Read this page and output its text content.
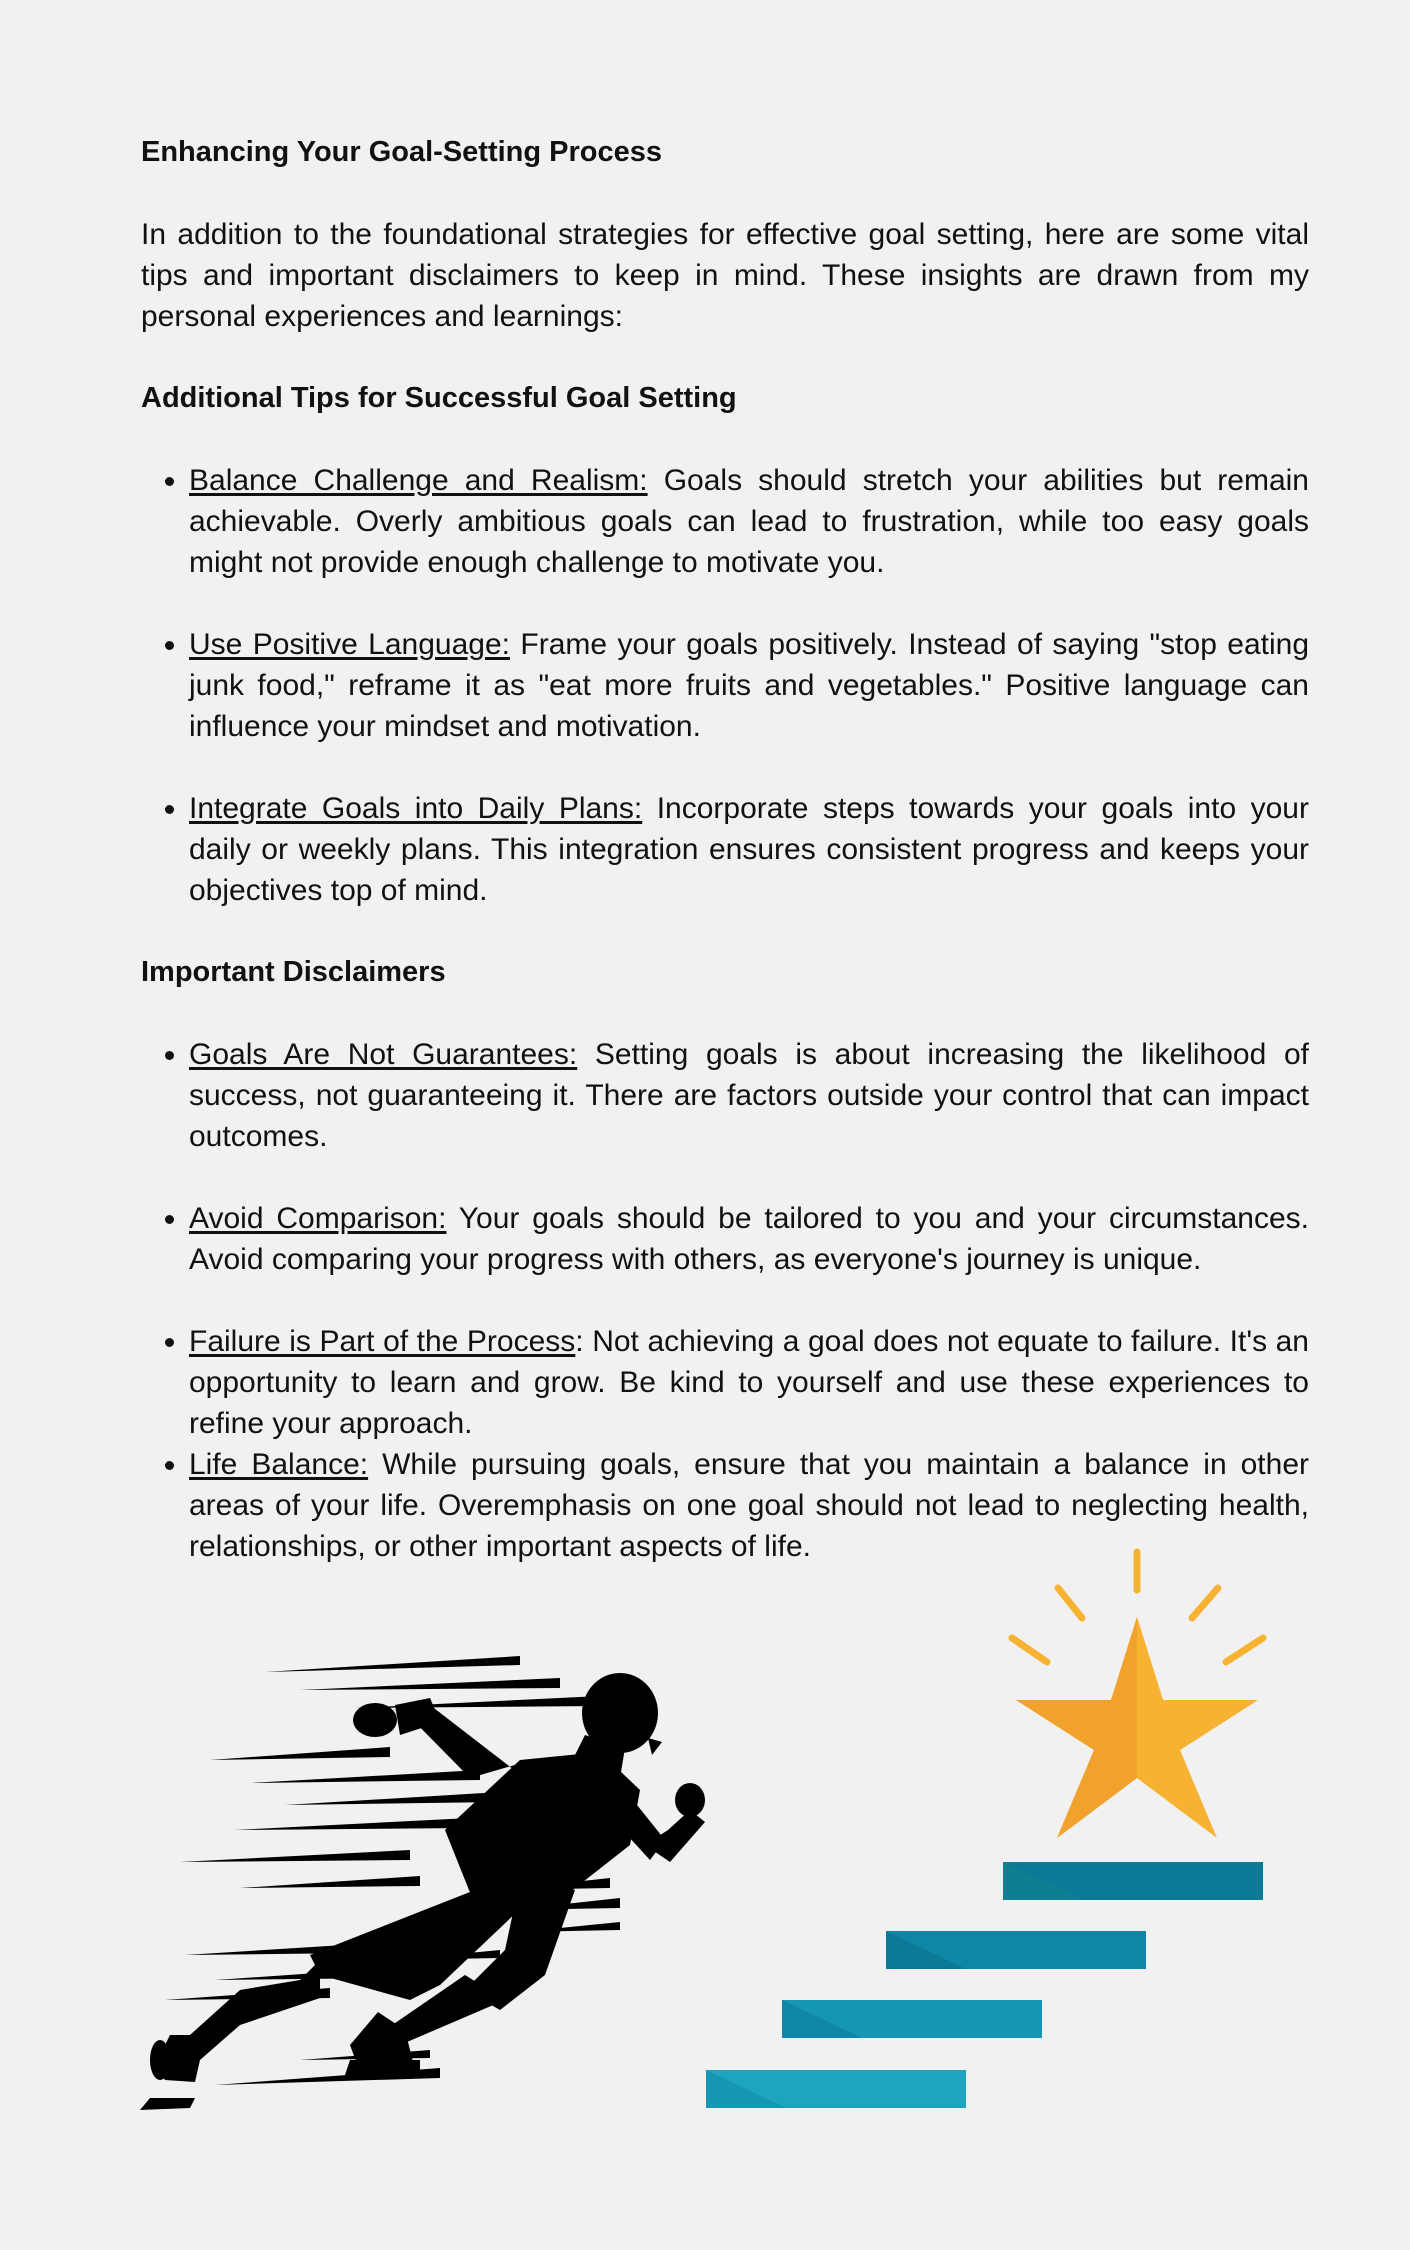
Enhancing Your Goal-Setting Process

In addition to the foundational strategies for effective goal setting, here are some vital tips and important disclaimers to keep in mind. These insights are drawn from my personal experiences and learnings:

Additional Tips for Successful Goal Setting
• Balance Challenge and Realism: Goals should stretch your abilities but remain achievable. Overly ambitious goals can lead to frustration, while too easy goals might not provide enough challenge to motivate you.
• Use Positive Language: Frame your goals positively. Instead of saying "stop eating junk food," reframe it as "eat more fruits and vegetables." Positive language can influence your mindset and motivation.
• Integrate Goals into Daily Plans: Incorporate steps towards your goals into your daily or weekly plans. This integration ensures consistent progress and keeps your objectives top of mind.
Important Disclaimers
• Goals Are Not Guarantees: Setting goals is about increasing the likelihood of success, not guaranteeing it. There are factors outside your control that can impact outcomes.
• Avoid Comparison: Your goals should be tailored to you and your circumstances. Avoid comparing your progress with others, as everyone's journey is unique.
• Failure is Part of the Process: Not achieving a goal does not equate to failure. It's an opportunity to learn and grow. Be kind to yourself and use these experiences to refine your approach.
• Life Balance: While pursuing goals, ensure that you maintain a balance in other areas of your life. Overemphasis on one goal should not lead to neglecting health, relationships, or other important aspects of life.
